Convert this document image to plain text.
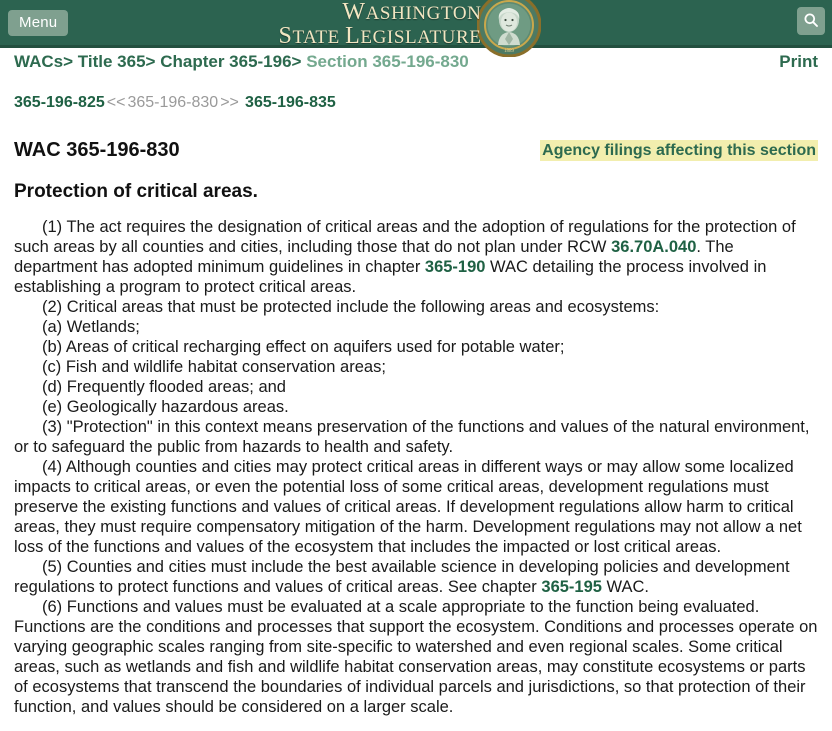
Menu	WASHINGTON
STATE LEGISLATURE
1889
WACs> Title 365> Chapter 365-196> Section 365-196-830	Print
365-196-825 << 365-196-830 >> 365-196-835
WAC 365-196-830	Agency filings affecting this section
Protection of critical areas.

(1) The act requires the designation of critical areas and the adoption of regulations for the protection of such areas by all counties and cities, including those that do not plan under RCW 36.70A.040. The department has adopted minimum guidelines in chapter 365-190 WAC detailing the process involved in establishing a program to protect critical areas.

(2) Critical areas that must be protected include the following areas and ecosystems:

(a) Wetlands;

(b) Areas of critical recharging effect on aquifers used for potable water;

(c) Fish and wildlife habitat conservation areas;

(d) Frequently flooded areas; and

(e) Geologically hazardous areas.

(3) "Protection" in this context means preservation of the functions and values of the natural environment, or to safeguard the public from hazards to health and safety.

(4) Although counties and cities may protect critical areas in different ways or may allow some localized impacts to critical areas, or even the potential loss of some critical areas, development regulations must preserve the existing functions and values of critical areas. If development regulations allow harm to critical areas, they must require compensatory mitigation of the harm. Development regulations may not allow a net loss of the functions and values of the ecosystem that includes the impacted or lost critical areas.

(5) Counties and cities must include the best available science in developing policies and development regulations to protect functions and values of critical areas. See chapter 365-195 WAC.

(6) Functions and values must be evaluated at a scale appropriate to the function being evaluated. Functions are the conditions and processes that support the ecosystem. Conditions and processes operate on varying geographic scales ranging from site-specific to watershed and even regional scales. Some critical areas, such as wetlands and fish and wildlife habitat conservation areas, may constitute ecosystems or parts of ecosystems that transcend the boundaries of individual parcels and jurisdictions, so that protection of their function, and values should be considered on a larger scale.
